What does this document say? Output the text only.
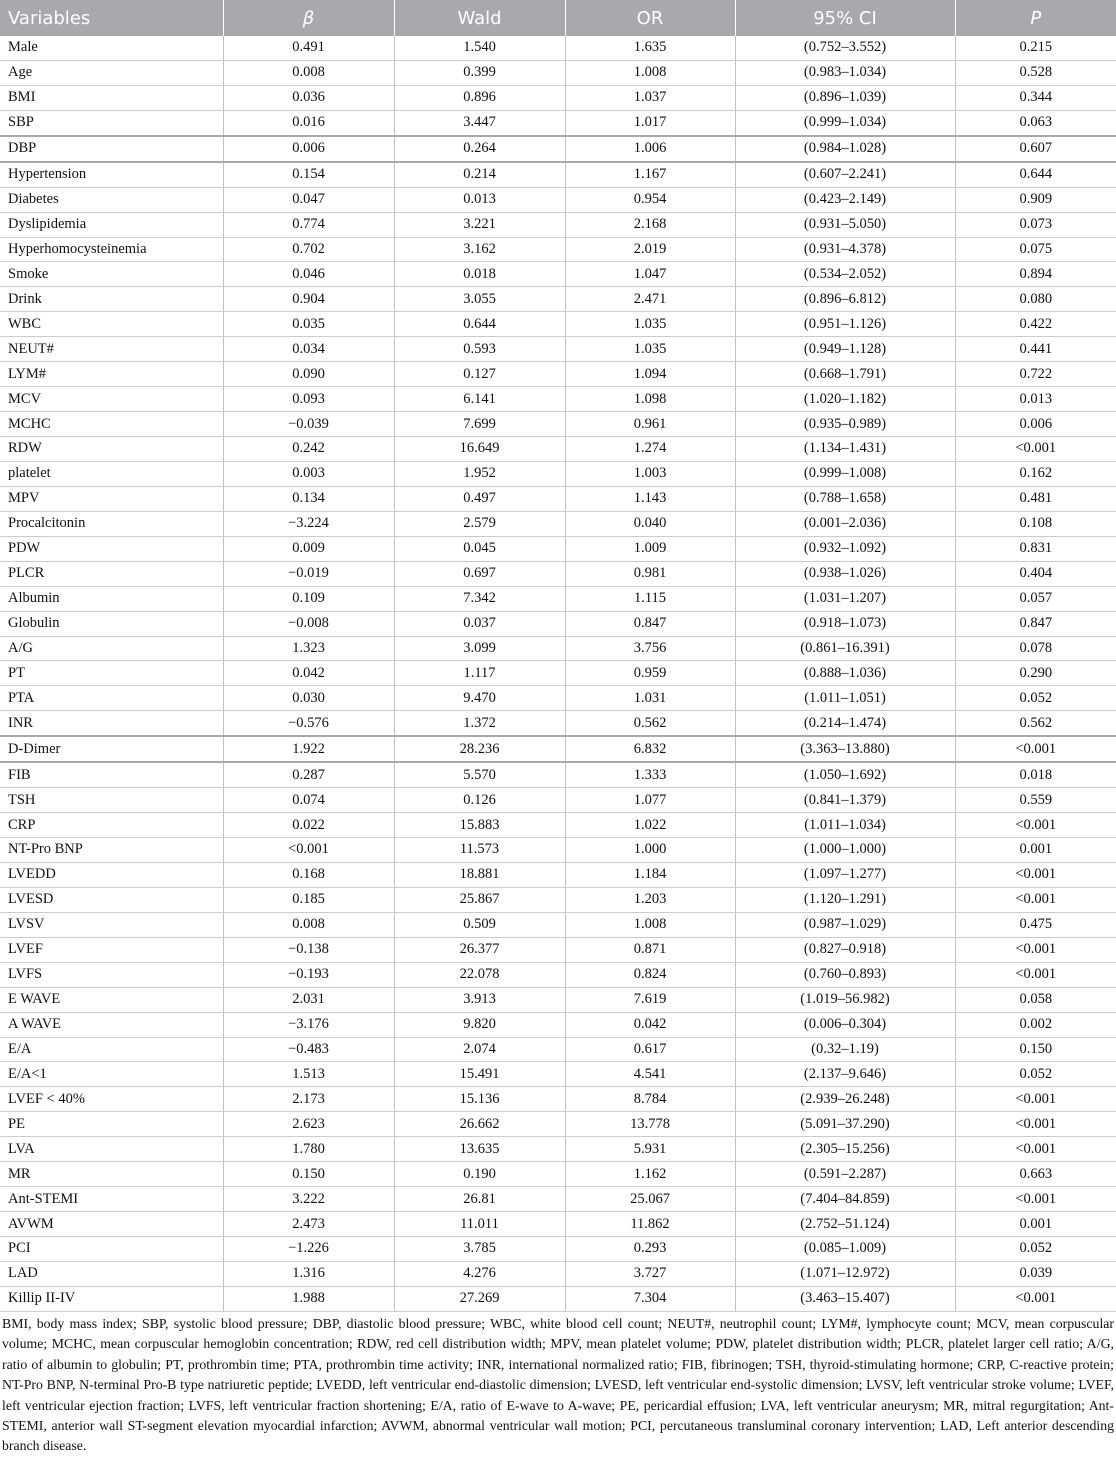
Variables	β	Wald	OR	95% CI	P
Male	0.491	1.540	1.635	(0.752–3.552)	0.215
Age	0.008	0.399	1.008	(0.983–1.034)	0.528
BMI	0.036	0.896	1.037	(0.896–1.039)	0.344
SBP	0.016	3.447	1.017	(0.999–1.034)	0.063
DBP	0.006	0.264	1.006	(0.984–1.028)	0.607
Hypertension	0.154	0.214	1.167	(0.607–2.241)	0.644
Diabetes	0.047	0.013	0.954	(0.423–2.149)	0.909
Dyslipidemia	0.774	3.221	2.168	(0.931–5.050)	0.073
Hyperhomocysteinemia	0.702	3.162	2.019	(0.931–4.378)	0.075
Smoke	0.046	0.018	1.047	(0.534–2.052)	0.894
Drink	0.904	3.055	2.471	(0.896–6.812)	0.080
WBC	0.035	0.644	1.035	(0.951–1.126)	0.422
NEUT#	0.034	0.593	1.035	(0.949–1.128)	0.441
LYM#	0.090	0.127	1.094	(0.668–1.791)	0.722
MCV	0.093	6.141	1.098	(1.020–1.182)	0.013
MCHC	−0.039	7.699	0.961	(0.935–0.989)	0.006
RDW	0.242	16.649	1.274	(1.134–1.431)	<0.001
platelet	0.003	1.952	1.003	(0.999–1.008)	0.162
MPV	0.134	0.497	1.143	(0.788–1.658)	0.481
Procalcitonin	−3.224	2.579	0.040	(0.001–2.036)	0.108
PDW	0.009	0.045	1.009	(0.932–1.092)	0.831
PLCR	−0.019	0.697	0.981	(0.938–1.026)	0.404
Albumin	0.109	7.342	1.115	(1.031–1.207)	0.057
Globulin	−0.008	0.037	0.847	(0.918–1.073)	0.847
A/G	1.323	3.099	3.756	(0.861–16.391)	0.078
PT	0.042	1.117	0.959	(0.888–1.036)	0.290
PTA	0.030	9.470	1.031	(1.011–1.051)	0.052
INR	−0.576	1.372	0.562	(0.214–1.474)	0.562
D-Dimer	1.922	28.236	6.832	(3.363–13.880)	<0.001
FIB	0.287	5.570	1.333	(1.050–1.692)	0.018
TSH	0.074	0.126	1.077	(0.841–1.379)	0.559
CRP	0.022	15.883	1.022	(1.011–1.034)	<0.001
NT-Pro BNP	<0.001	11.573	1.000	(1.000–1.000)	0.001
LVEDD	0.168	18.881	1.184	(1.097–1.277)	<0.001
LVESD	0.185	25.867	1.203	(1.120–1.291)	<0.001
LVSV	0.008	0.509	1.008	(0.987–1.029)	0.475
LVEF	−0.138	26.377	0.871	(0.827–0.918)	<0.001
LVFS	−0.193	22.078	0.824	(0.760–0.893)	<0.001
E WAVE	2.031	3.913	7.619	(1.019–56.982)	0.058
A WAVE	−3.176	9.820	0.042	(0.006–0.304)	0.002
E/A	−0.483	2.074	0.617	(0.32–1.19)	0.150
E/A<1	1.513	15.491	4.541	(2.137–9.646)	0.052
LVEF < 40%	2.173	15.136	8.784	(2.939–26.248)	<0.001
PE	2.623	26.662	13.778	(5.091–37.290)	<0.001
LVA	1.780	13.635	5.931	(2.305–15.256)	<0.001
MR	0.150	0.190	1.162	(0.591–2.287)	0.663
Ant-STEMI	3.222	26.81	25.067	(7.404–84.859)	<0.001
AVWM	2.473	11.011	11.862	(2.752–51.124)	0.001
PCI	−1.226	3.785	0.293	(0.085–1.009)	0.052
LAD	1.316	4.276	3.727	(1.071–12.972)	0.039
Killip II-IV	1.988	27.269	7.304	(3.463–15.407)	<0.001

BMI, body mass index; SBP, systolic blood pressure; DBP, diastolic blood pressure; WBC, white blood cell count; NEUT#, neutrophil count; LYM#, lymphocyte count; MCV, mean corpuscular volume; MCHC, mean corpuscular hemoglobin concentration; RDW, red cell distribution width; MPV, mean platelet volume; PDW, platelet distribution width; PLCR, platelet larger cell ratio; A/G, ratio of albumin to globulin; PT, prothrombin time; PTA, prothrombin time activity; INR, international normalized ratio; FIB, fibrinogen; TSH, thyroid-stimulating hormone; CRP, C-reactive protein; NT-Pro BNP, N-terminal Pro-B type natriuretic peptide; LVEDD, left ventricular end-diastolic dimension; LVESD, left ventricular end-systolic dimension; LVSV, left ventricular stroke volume; LVEF, left ventricular ejection fraction; LVFS, left ventricular fraction shortening; E/A, ratio of E-wave to A-wave; PE, pericardial effusion; LVA, left ventricular aneurysm; MR, mitral regurgitation; Ant-STEMI, anterior wall ST-segment elevation myocardial infarction; AVWM, abnormal ventricular wall motion; PCI, percutaneous transluminal coronary intervention; LAD, Left anterior descending branch disease.
